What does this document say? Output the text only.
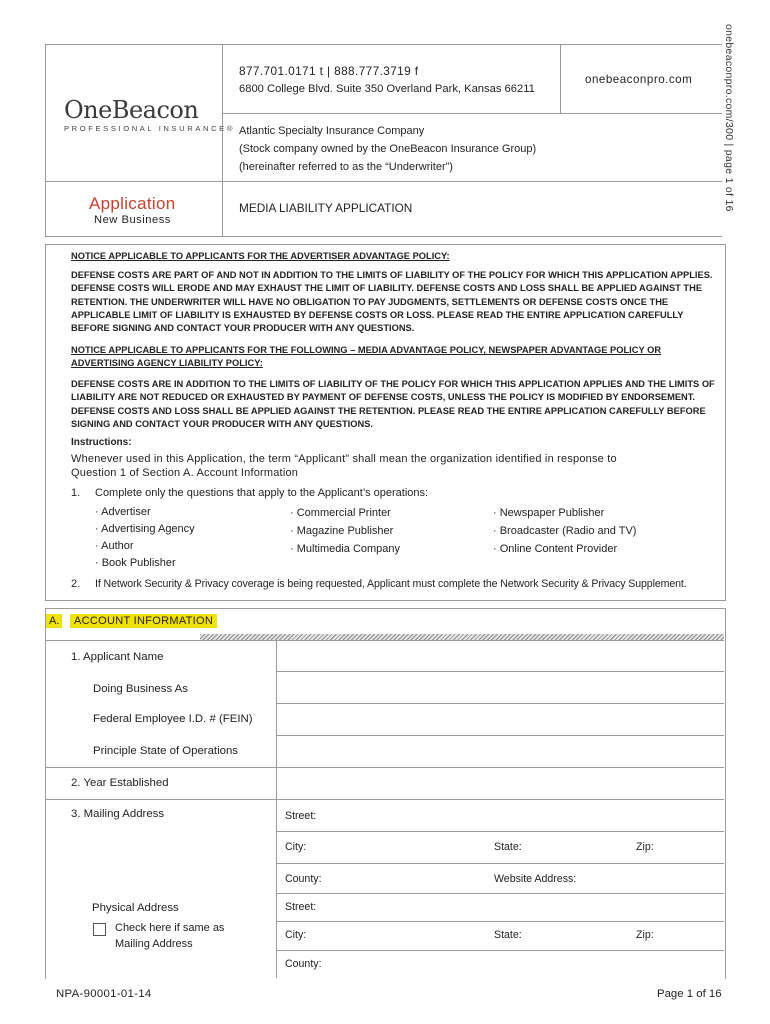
OneBeacon
PROFESSIONAL INSURANCE®
877.701.0171 t | 888.777.3719 f
6800 College Blvd. Suite 350 Overland Park, Kansas 66211
onebeaconpro.com
Atlantic Specialty Insurance Company
(Stock company owned by the OneBeacon Insurance Group)
(hereinafter referred to as the “Underwriter”)
Application
New Business
MEDIA LIABILITY APPLICATION	onebeaconpro.com/300 | page 1 of 16
NOTICE APPLICABLE TO APPLICANTS FOR THE ADVERTISER ADVANTAGE POLICY:
DEFENSE COSTS ARE PART OF AND NOT IN ADDITION TO THE LIMITS OF LIABILITY OF THE POLICY FOR WHICH THIS APPLICATION APPLIES. DEFENSE COSTS WILL ERODE AND MAY EXHAUST THE LIMIT OF LIABILITY. DEFENSE COSTS AND LOSS SHALL BE APPLIED AGAINST THE RETENTION. THE UNDERWRITER WILL HAVE NO OBLIGATION TO PAY JUDGMENTS, SETTLEMENTS OR DEFENSE COSTS ONCE THE APPLICABLE LIMIT OF LIABILITY IS EXHAUSTED BY DEFENSE COSTS OR LOSS. PLEASE READ THE ENTIRE APPLICATION CAREFULLY BEFORE SIGNING AND CONTACT YOUR PRODUCER WITH ANY QUESTIONS.
NOTICE APPLICABLE TO APPLICANTS FOR THE FOLLOWING – MEDIA ADVANTAGE POLICY, NEWSPAPER ADVANTAGE POLICY OR ADVERTISING AGENCY LIABILITY POLICY:
DEFENSE COSTS ARE IN ADDITION TO THE LIMITS OF LIABILITY OF THE POLICY FOR WHICH THIS APPLICATION APPLIES AND THE LIMITS OF LIABILITY ARE NOT REDUCED OR EXHAUSTED BY PAYMENT OF DEFENSE COSTS, UNLESS THE POLICY IS MODIFIED BY ENDORSEMENT. DEFENSE COSTS AND LOSS SHALL BE APPLIED AGAINST THE RETENTION. PLEASE READ THE ENTIRE APPLICATION CAREFULLY BEFORE SIGNING AND CONTACT YOUR PRODUCER WITH ANY QUESTIONS.
Instructions:
Whenever used in this Application, the term “Applicant” shall mean the organization identified in response to
Question 1 of Section A. Account Information
1. Complete only the questions that apply to the Applicant’s operations:
· Advertiser
· Advertising Agency
· Author
· Book Publisher
· Commercial Printer
· Magazine Publisher
· Multimedia Company
· Newspaper Publisher
· Broadcaster (Radio and TV)
· Online Content Provider
2. If Network Security & Privacy coverage is being requested, Applicant must complete the Network Security & Privacy Supplement.
A.	ACCOUNT INFORMATION
1. Applicant Name
Doing Business As
Federal Employee I.D. # (FEIN)
Principle State of Operations
2. Year Established
3. Mailing Address
Physical Address
Check here if same as
Mailing Address
Street:
City:	State:	Zip:
County:	Website Address:
Street:
City:	State:	Zip:
County:
NPA-90001-01-14	Page 1 of 16
